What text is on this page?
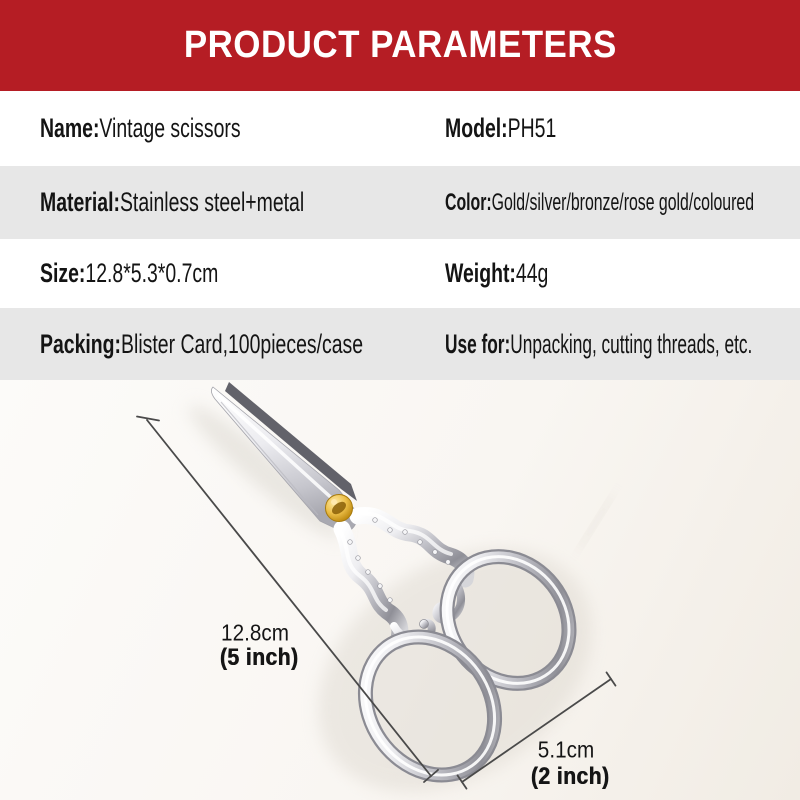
PRODUCT PARAMETERS
Name:Vintage scissors	Model:PH51
Material:Stainless steel+metal	Color:Gold/silver/bronze/rose gold/coloured
Size:12.8*5.3*0.7cm	Weight:44g
Packing:Blister Card,100pieces/case	Use for:Unpacking, cutting threads, etc.
12.8cm
(5 inch)
5.1cm
(2 inch)
